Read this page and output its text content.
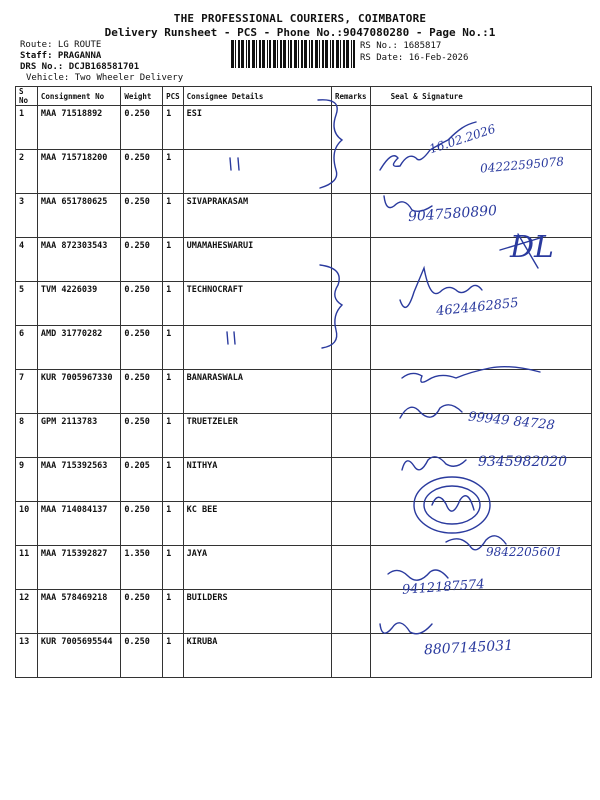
THE PROFESSIONAL COURIERS, COIMBATORE
Delivery Runsheet - PCS - Phone No.:9047080280 - Page No.:1
Route: LG ROUTE
Staff: PRAGANNA
DRS No.: DCJB168581701
RS No.: 1685817
RS Date: 16-Feb-2026
Vehicle: Two Wheeler Delivery
S No	Consignment No	Weight	PCS	Consignee Details	Remarks	Seal & Signature
1	MAA 71518892	0.250	1	ESI		
2	MAA 715718200	0.250	1			
3	MAA 651780625	0.250	1	SIVAPRAKASAM		
4	MAA 872303543	0.250	1	UMAMAHESWARUI		
5	TVM 4226039	0.250	1	TECHNOCRAFT		
6	AMD 31770282	0.250	1			
7	KUR 7005967330	0.250	1	BANARASWALA		
8	GPM 2113783	0.250	1	TRUETZELER		
9	MAA 715392563	0.205	1	NITHYA		
10	MAA 714084137	0.250	1	KC BEE		
11	MAA 715392827	1.350	1	JAYA		
12	MAA 578469218	0.250	1	BUILDERS		
13	KUR 7005695544	0.250	1	KIRUBA		
16.02.2026
04222595078
9047580890
DL
4624462855
99949 84728
9345982020
9842205601
9412187574
8807145031
